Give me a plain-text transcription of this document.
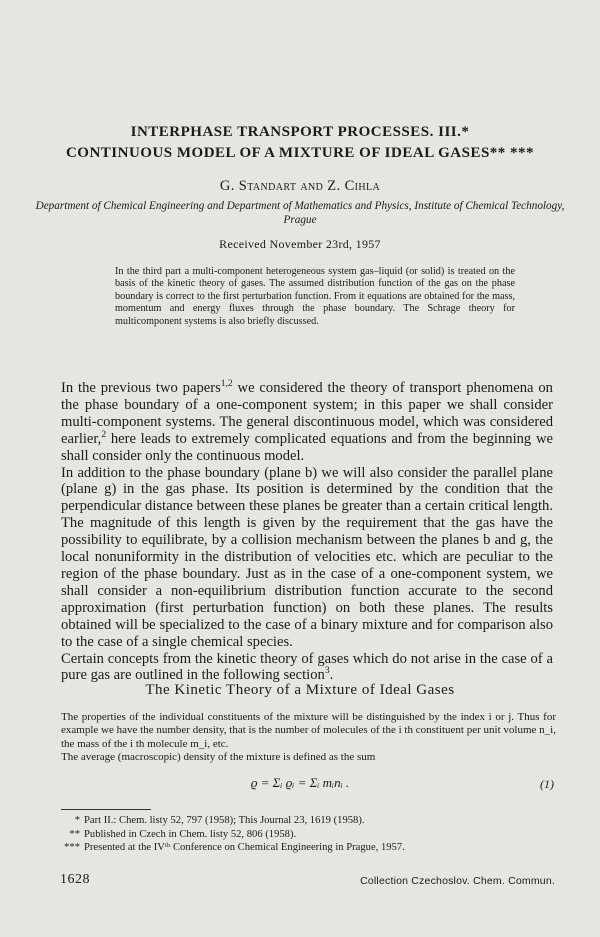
INTERPHASE TRANSPORT PROCESSES. III.*
CONTINUOUS MODEL OF A MIXTURE OF IDEAL GASES** ***
G. Standart and Z. Cihla
Department of Chemical Engineering and Department of Mathematics and Physics, Institute of Chemical Technology, Prague
Received November 23rd, 1957
In the third part a multi-component heterogeneous system gas–liquid (or solid) is treated on the basis of the kinetic theory of gases. The assumed distribution function of the gas on the phase boundary is correct to the first perturbation function. From it equations are obtained for the mass, momentum and energy fluxes through the phase boundary. The Schrage theory for multicomponent systems is also briefly discussed.

In the previous two papers$^{1,2}$ we considered the theory of transport phenomena on the phase boundary of a one-component system; in this paper we shall consider multi-component systems. The general discontinuous model, which was considered earlier,$^2$ here leads to extremely complicated equations and from the beginning we shall consider only the continuous model.

In addition to the phase boundary (plane b) we will also consider the parallel plane (plane g) in the gas phase. Its position is determined by the condition that the perpendicular distance between these planes be greater than a certain critical length. The magnitude of this length is given by the requirement that the gas have the possibility to equilibrate, by a collision mechanism between the planes b and g, the local nonuniformity in the distribution of velocities etc. which are peculiar to the region of the phase boundary. Just as in the case of a one-component system, we shall consider a non-equilibrium distribution function accurate to the second approximation (first perturbation function) on both these planes. The results obtained will be specialized to the case of a binary mixture and for comparison also to the case of a single chemical species.

Certain concepts from the kinetic theory of gases which do not arise in the case of a pure gas are outlined in the following section$^3$.

The Kinetic Theory of a Mixture of Ideal Gases

The properties of the individual constituents of the mixture will be distinguished by the index i or j. Thus for example we have the number density, that is the number of molecules of the i th constituent per unit volume n_i, the mass of the i th molecule m_i, etc.

The average (macroscopic) density of the mixture is defined as the sum

ϱ = Σᵢ ϱᵢ = Σᵢ mᵢnᵢ .	(1)
* Part II.: Chem. listy 52, 797 (1958); This Journal 23, 1619 (1958).
** Published in Czech in Chem. listy 52, 806 (1958).
*** Presented at the IVᵗʰ Conference on Chemical Engineering in Prague, 1957.
1628	Collection Czechoslov. Chem. Commun.
